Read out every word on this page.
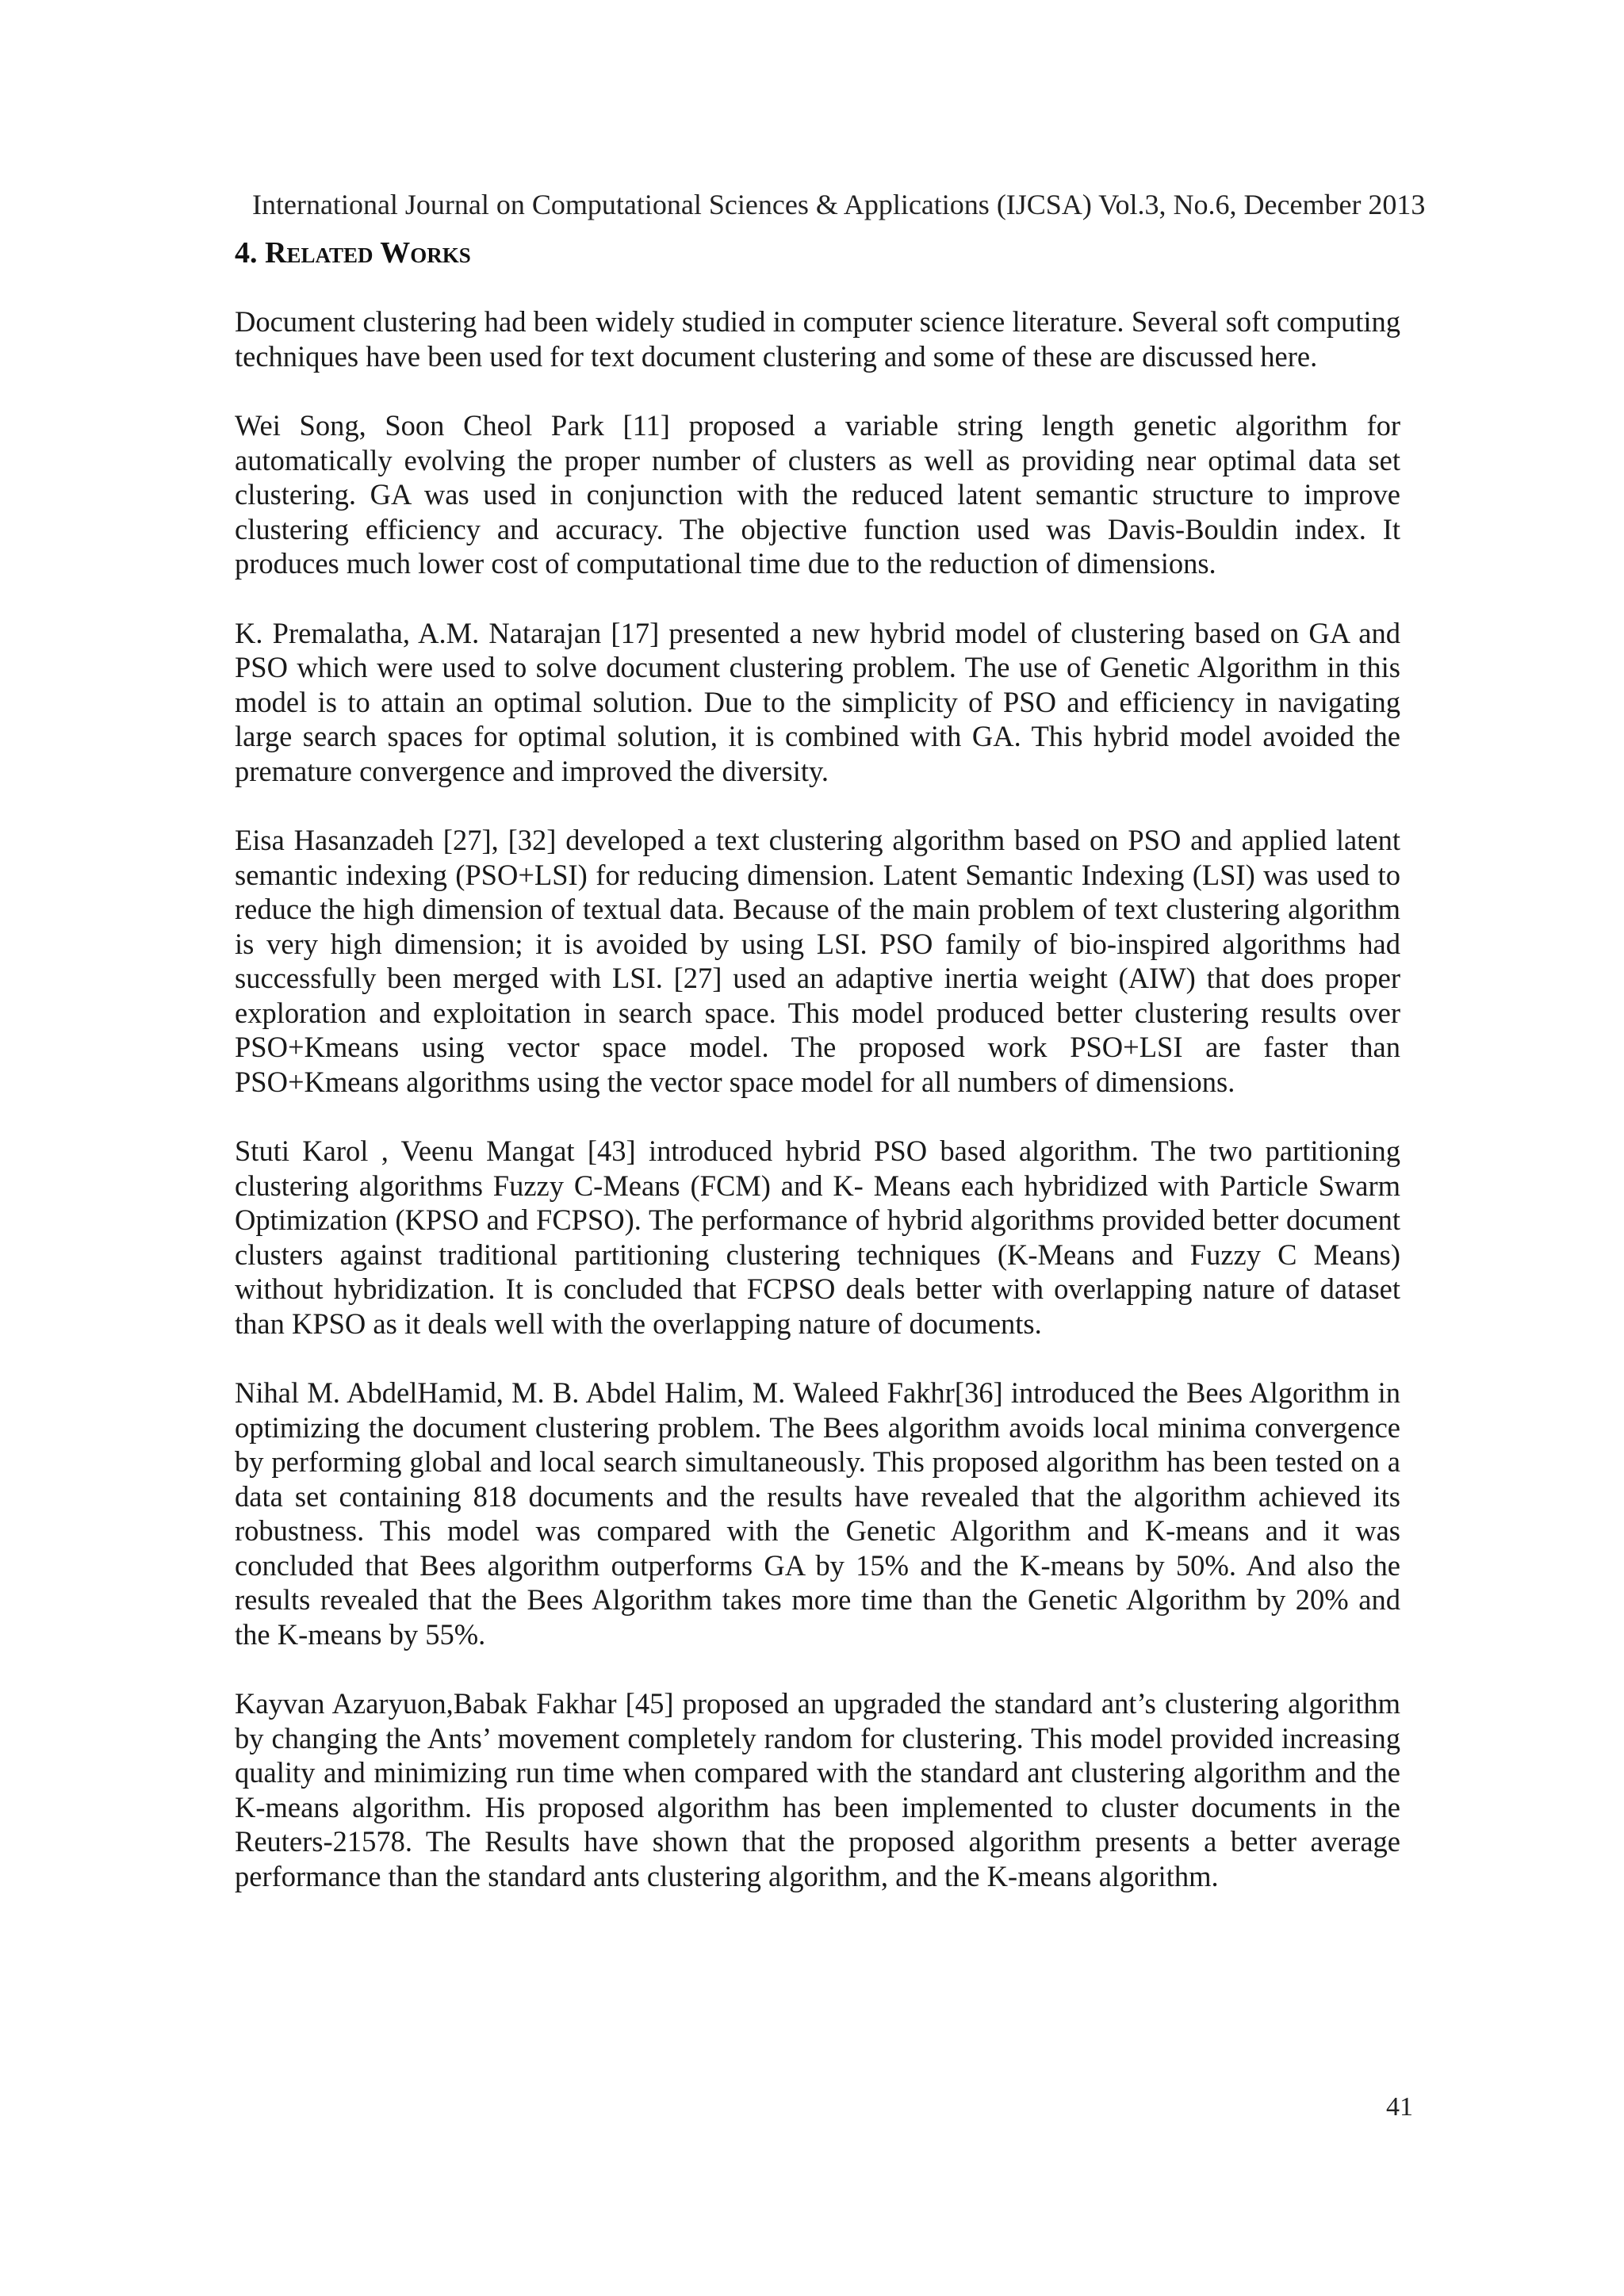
International Journal on Computational Sciences & Applications (IJCSA) Vol.3, No.6, December 2013
4. Related Works

Document clustering had been widely studied in computer science literature. Several soft computing techniques have been used for text document clustering and some of these are discussed here.

Wei Song, Soon Cheol Park [11] proposed a variable string length genetic algorithm for automatically evolving the proper number of clusters as well as providing near optimal data set clustering. GA was used in conjunction with the reduced latent semantic structure to improve clustering efficiency and accuracy. The objective function used was Davis-Bouldin index. It produces much lower cost of computational time due to the reduction of dimensions.

K. Premalatha, A.M. Natarajan [17] presented a new hybrid model of clustering based on GA and PSO which were used to solve document clustering problem. The use of Genetic Algorithm in this model is to attain an optimal solution. Due to the simplicity of PSO and efficiency in navigating large search spaces for optimal solution, it is combined with GA. This hybrid model avoided the premature convergence and improved the diversity.

Eisa Hasanzadeh [27], [32] developed a text clustering algorithm based on PSO and applied latent semantic indexing (PSO+LSI) for reducing dimension. Latent Semantic Indexing (LSI) was used to reduce the high dimension of textual data. Because of the main problem of text clustering algorithm is very high dimension; it is avoided by using LSI. PSO family of bio-inspired algorithms had successfully been merged with LSI. [27] used an adaptive inertia weight (AIW) that does proper exploration and exploitation in search space. This model produced better clustering results over PSO+Kmeans using vector space model. The proposed work PSO+LSI are faster than PSO+Kmeans algorithms using the vector space model for all numbers of dimensions.

Stuti Karol , Veenu Mangat [43] introduced hybrid PSO based algorithm. The two partitioning clustering algorithms Fuzzy C-Means (FCM) and K- Means each hybridized with Particle Swarm Optimization (KPSO and FCPSO). The performance of hybrid algorithms provided better document clusters against traditional partitioning clustering techniques (K-Means and Fuzzy C Means) without hybridization. It is concluded that FCPSO deals better with overlapping nature of dataset than KPSO as it deals well with the overlapping nature of documents.

Nihal M. AbdelHamid, M. B. Abdel Halim, M. Waleed Fakhr[36] introduced the Bees Algorithm in optimizing the document clustering problem. The Bees algorithm avoids local minima convergence by performing global and local search simultaneously. This proposed algorithm has been tested on a data set containing 818 documents and the results have revealed that the algorithm achieved its robustness. This model was compared with the Genetic Algorithm and K-means and it was concluded that Bees algorithm outperforms GA by 15% and the K-means by 50%. And also the results revealed that the Bees Algorithm takes more time than the Genetic Algorithm by 20% and the K-means by 55%.

Kayvan Azaryuon,Babak Fakhar [45] proposed an upgraded the standard ant’s clustering algorithm by changing the Ants’ movement completely random for clustering. This model provided increasing quality and minimizing run time when compared with the standard ant clustering algorithm and the K-means algorithm. His proposed algorithm has been implemented to cluster documents in the Reuters-21578. The Results have shown that the proposed algorithm presents a better average performance than the standard ants clustering algorithm, and the K-means algorithm.

41
